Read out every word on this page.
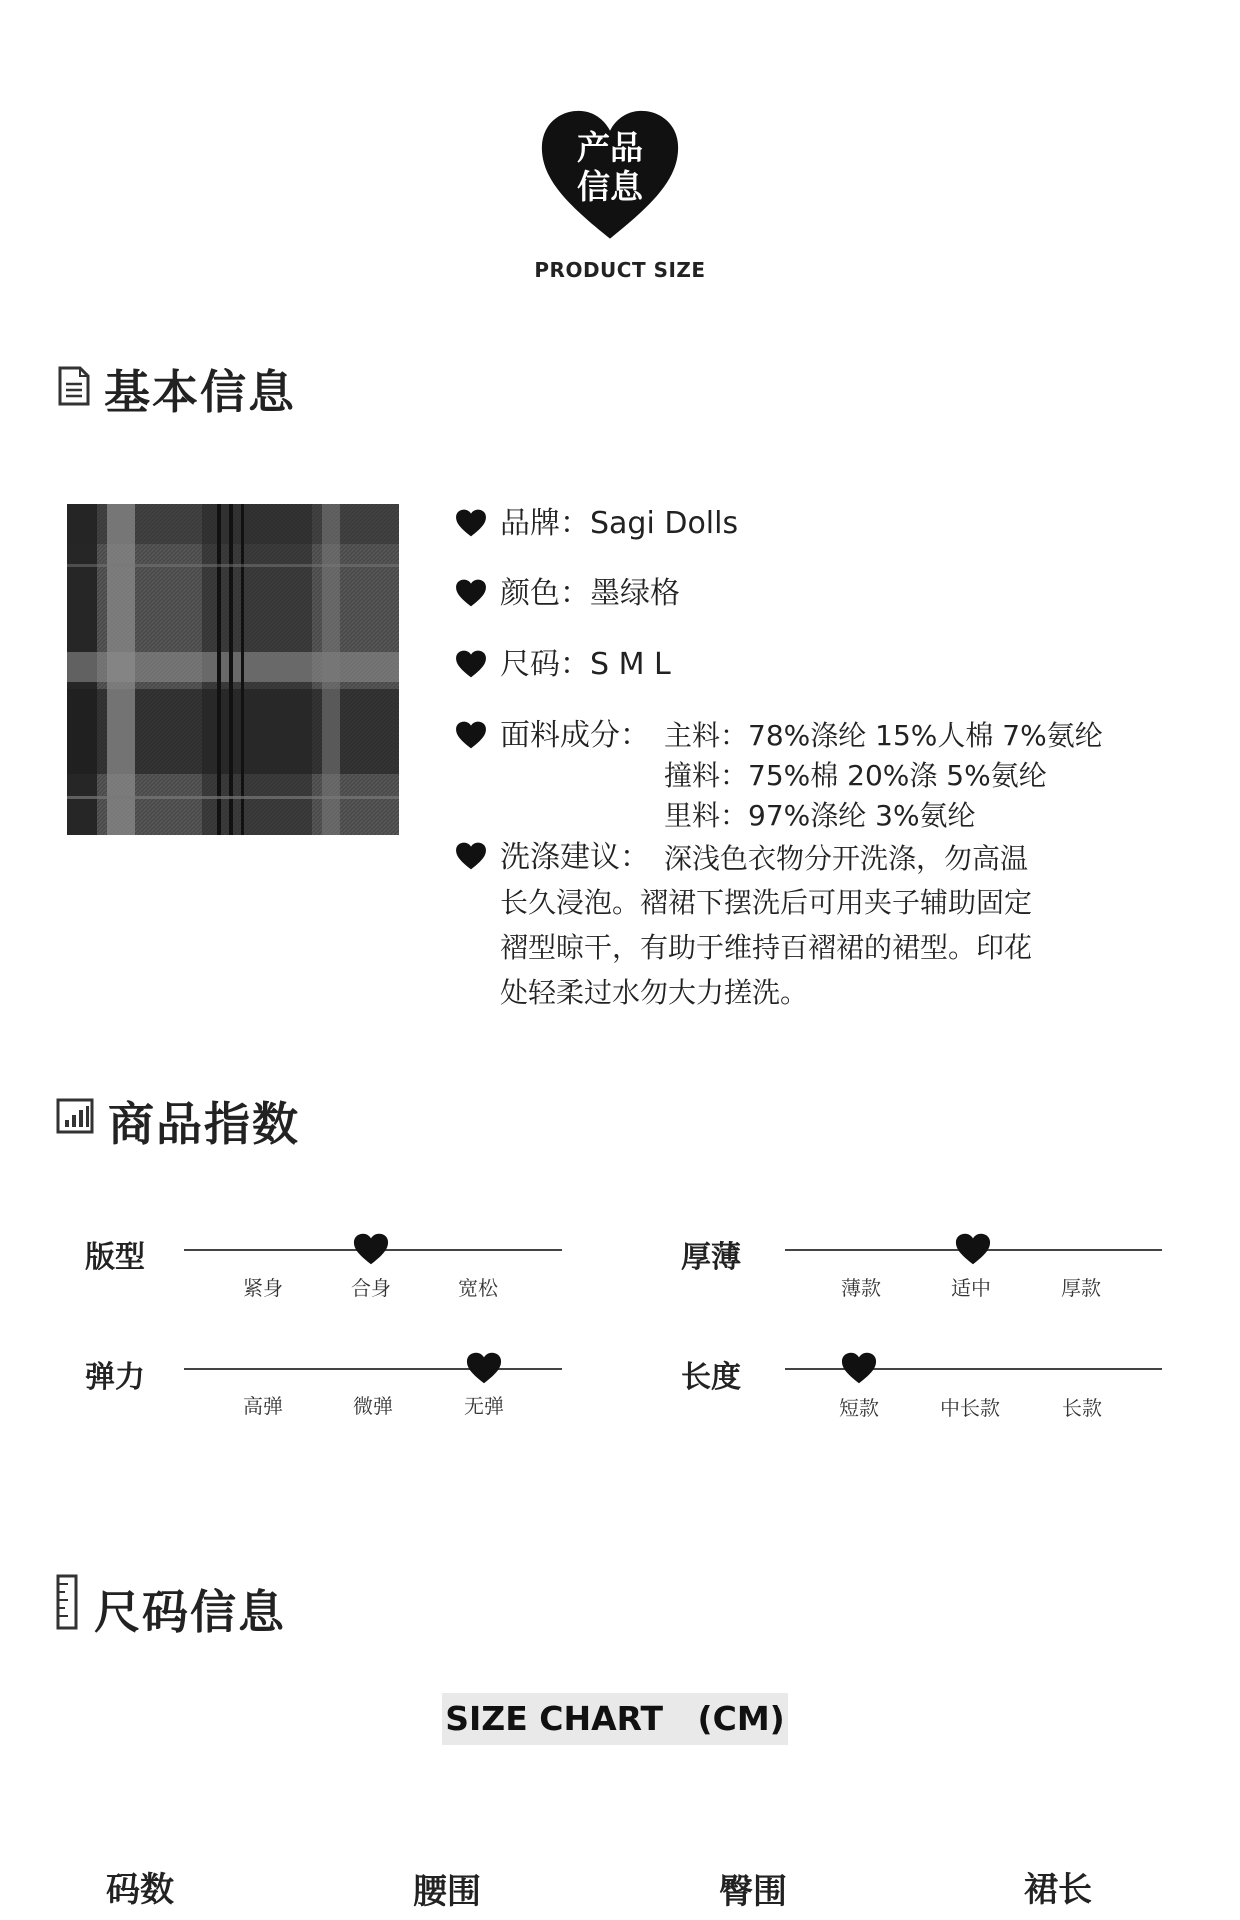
产品
信息
PRODUCT SIZE
基本信息
品牌：Sagi Dolls
颜色：墨绿格
尺码：S M L
面料成分： 主料：78%涤纶 15%人棉 7%氨纶
撞料：75%棉 20%涤 5%氨纶
里料：97%涤纶 3%氨纶
洗涤建议： 深浅色衣物分开洗涤，勿高温
长久浸泡。褶裙下摆洗后可用夹子辅助固定
褶型晾干，有助于维持百褶裙的裙型。印花
处轻柔过水勿大力搓洗。
商品指数
版型
紧身	合身	宽松
厚薄
薄款	适中	厚款
弹力
高弹	微弹	无弹
长度
短款	中长款	长款
尺码信息
SIZE CHART   (CM)
码数	腰围	臀围	裙长
